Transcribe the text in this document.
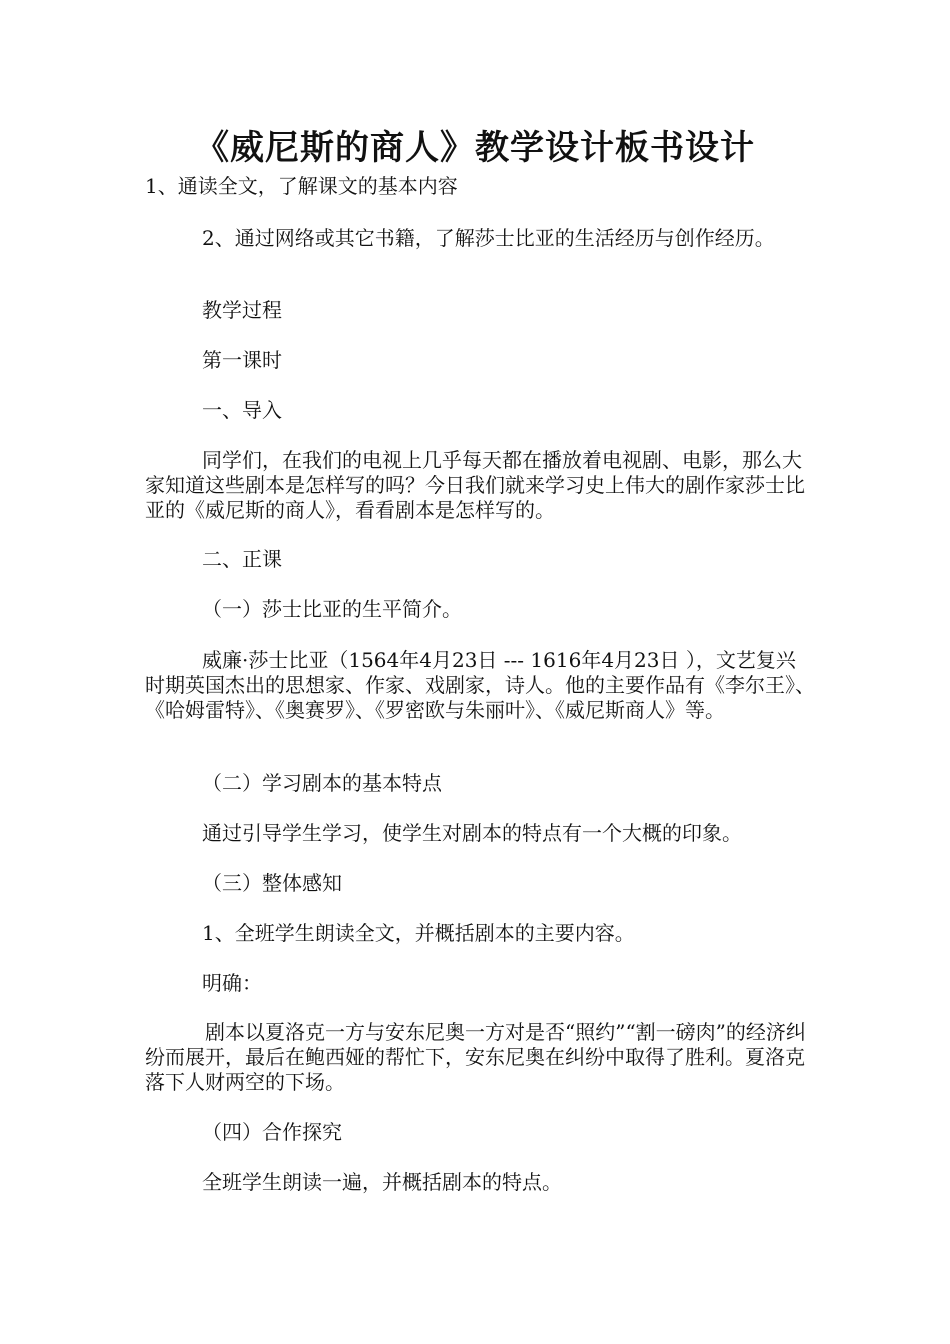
《威尼斯的商人》教学设计板书设计

1、通读全文，了解课文的基本内容

2、通过网络或其它书籍，了解莎士比亚的生活经历与创作经历。

教学过程

第一课时

一、导入

同学们，在我们的电视上几乎每天都在播放着电视剧、电影，那么大家知道这些剧本是怎样写的吗？今日我们就来学习史上伟大的剧作家莎士比亚的《威尼斯的商人》，看看剧本是怎样写的。

二、正课

（一）莎士比亚的生平简介。

威廉·莎士比亚（1564年4月23日 --- 1616年4月23日 ），文艺复兴时期英国杰出的思想家、作家、戏剧家，诗人。他的主要作品有《李尔王》、《哈姆雷特》、《奥赛罗》、《罗密欧与朱丽叶》、《威尼斯商人》等。

（二）学习剧本的基本特点

通过引导学生学习，使学生对剧本的特点有一个大概的印象。

（三）整体感知

1、全班学生朗读全文，并概括剧本的主要内容。

明确：

剧本以夏洛克一方与安东尼奥一方对是否“照约”“割一磅肉”的经济纠纷而展开，最后在鲍西娅的帮忙下，安东尼奥在纠纷中取得了胜利。夏洛克落下人财两空的下场。

（四）合作探究

全班学生朗读一遍，并概括剧本的特点。
